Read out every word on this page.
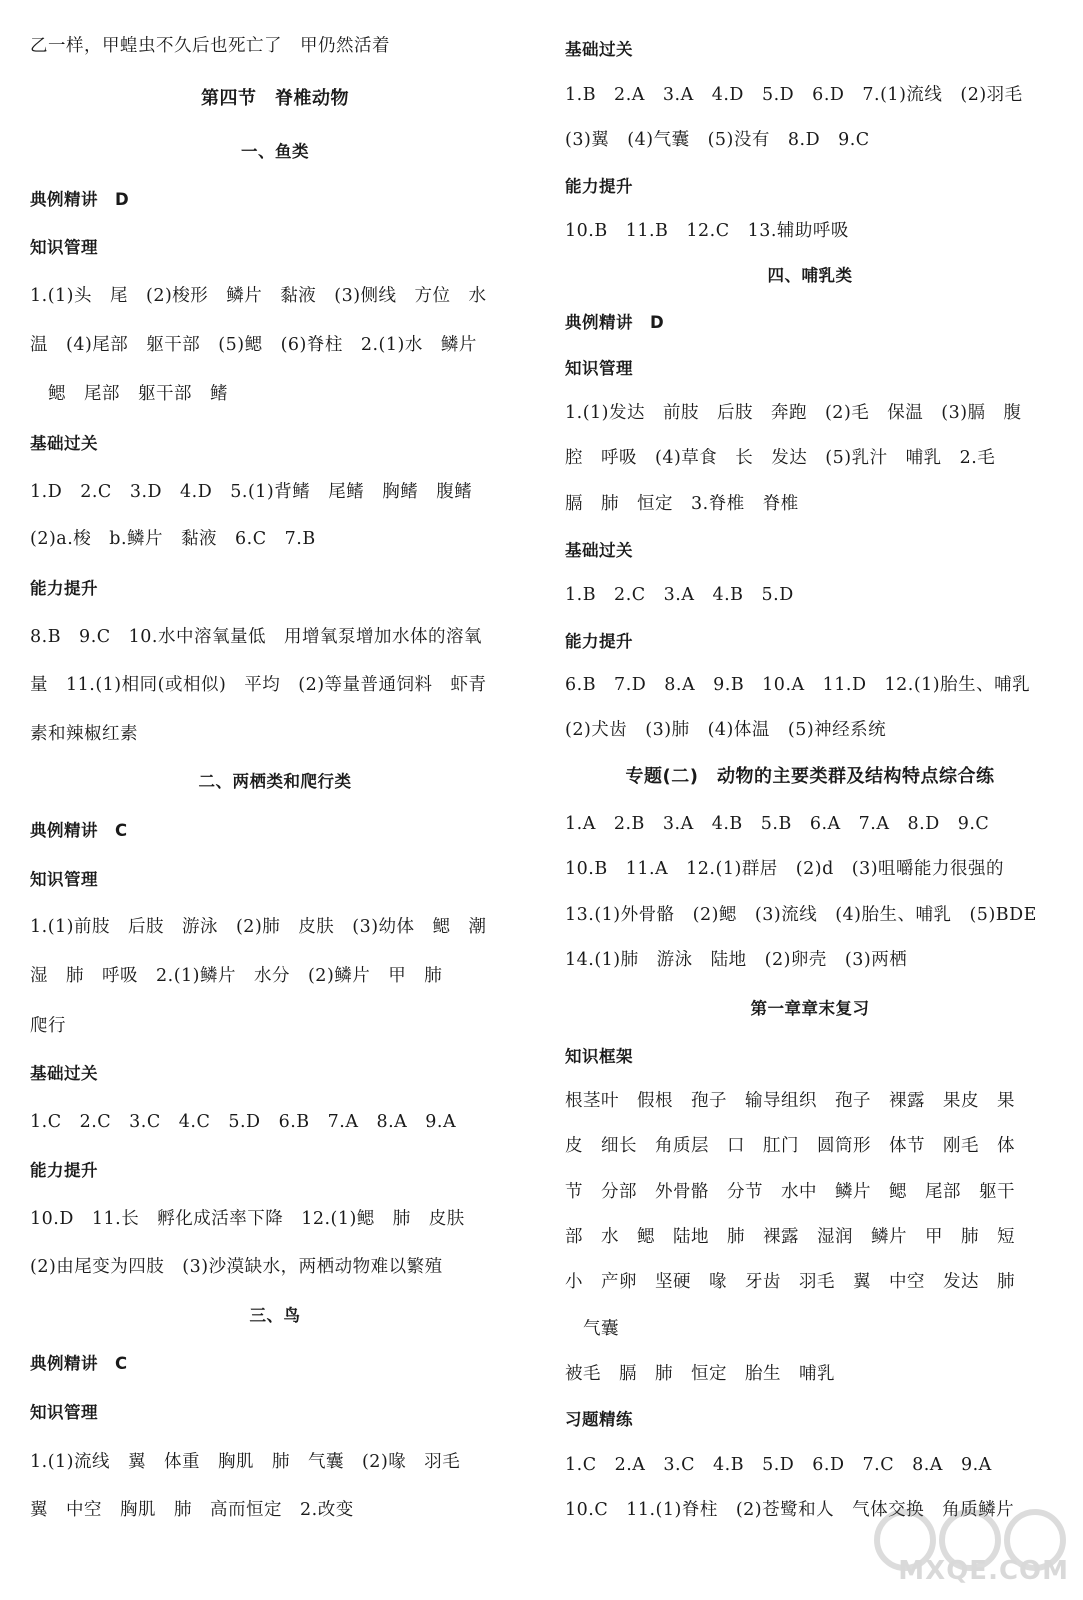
乙一样，甲蝗虫不久后也死亡了　甲仍然活着
第四节　脊椎动物
一、鱼类
典例精讲　D
知识管理
1.(1)头　尾　(2)梭形　鳞片　黏液　(3)侧线　方位　水
温　(4)尾部　躯干部　(5)鳃　(6)脊柱　2.(1)水　鳞片
鳃　尾部　躯干部　鳍
基础过关
1.D　2.C　3.D　4.D　5.(1)背鳍　尾鳍　胸鳍　腹鳍
(2)a.梭　b.鳞片　黏液　6.C　7.B
能力提升
8.B　9.C　10.水中溶氧量低　用增氧泵增加水体的溶氧
量　11.(1)相同(或相似)　平均　(2)等量普通饲料　虾青
素和辣椒红素
二、两栖类和爬行类
典例精讲　C
知识管理
1.(1)前肢　后肢　游泳　(2)肺　皮肤　(3)幼体　鳃　潮
湿　肺　呼吸　2.(1)鳞片　水分　(2)鳞片　甲　肺
爬行
基础过关
1.C　2.C　3.C　4.C　5.D　6.B　7.A　8.A　9.A
能力提升
10.D　11.长　孵化成活率下降　12.(1)鳃　肺　皮肤
(2)由尾变为四肢　(3)沙漠缺水，两栖动物难以繁殖
三、鸟
典例精讲　C
知识管理
1.(1)流线　翼　体重　胸肌　肺　气囊　(2)喙　羽毛
翼　中空　胸肌　肺　高而恒定　2.改变
基础过关
1.B　2.A　3.A　4.D　5.D　6.D　7.(1)流线　(2)羽毛
(3)翼　(4)气囊　(5)没有　8.D　9.C
能力提升
10.B　11.B　12.C　13.辅助呼吸
四、哺乳类
典例精讲　D
知识管理
1.(1)发达　前肢　后肢　奔跑　(2)毛　保温　(3)膈　腹
腔　呼吸　(4)草食　长　发达　(5)乳汁　哺乳　2.毛
膈　肺　恒定　3.脊椎　脊椎
基础过关
1.B　2.C　3.A　4.B　5.D
能力提升
6.B　7.D　8.A　9.B　10.A　11.D　12.(1)胎生、哺乳
(2)犬齿　(3)肺　(4)体温　(5)神经系统
专题(二)　动物的主要类群及结构特点综合练
1.A　2.B　3.A　4.B　5.B　6.A　7.A　8.D　9.C
10.B　11.A　12.(1)群居　(2)d　(3)咀嚼能力很强的
13.(1)外骨骼　(2)鳃　(3)流线　(4)胎生、哺乳　(5)BDE
14.(1)肺　游泳　陆地　(2)卵壳　(3)两栖
第一章章末复习
知识框架
根茎叶　假根　孢子　输导组织　孢子　裸露　果皮　果
皮　细长　角质层　口　肛门　圆筒形　体节　刚毛　体
节　分部　外骨骼　分节　水中　鳞片　鳃　尾部　躯干
部　水　鳃　陆地　肺　裸露　湿润　鳞片　甲　肺　短
小　产卵　坚硬　喙　牙齿　羽毛　翼　中空　发达　肺
气囊
被毛　膈　肺　恒定　胎生　哺乳
习题精练
1.C　2.A　3.C　4.B　5.D　6.D　7.C　8.A　9.A
10.C　11.(1)脊柱　(2)苍鹭和人　气体交换　角质鳞片
MXQE.COM
